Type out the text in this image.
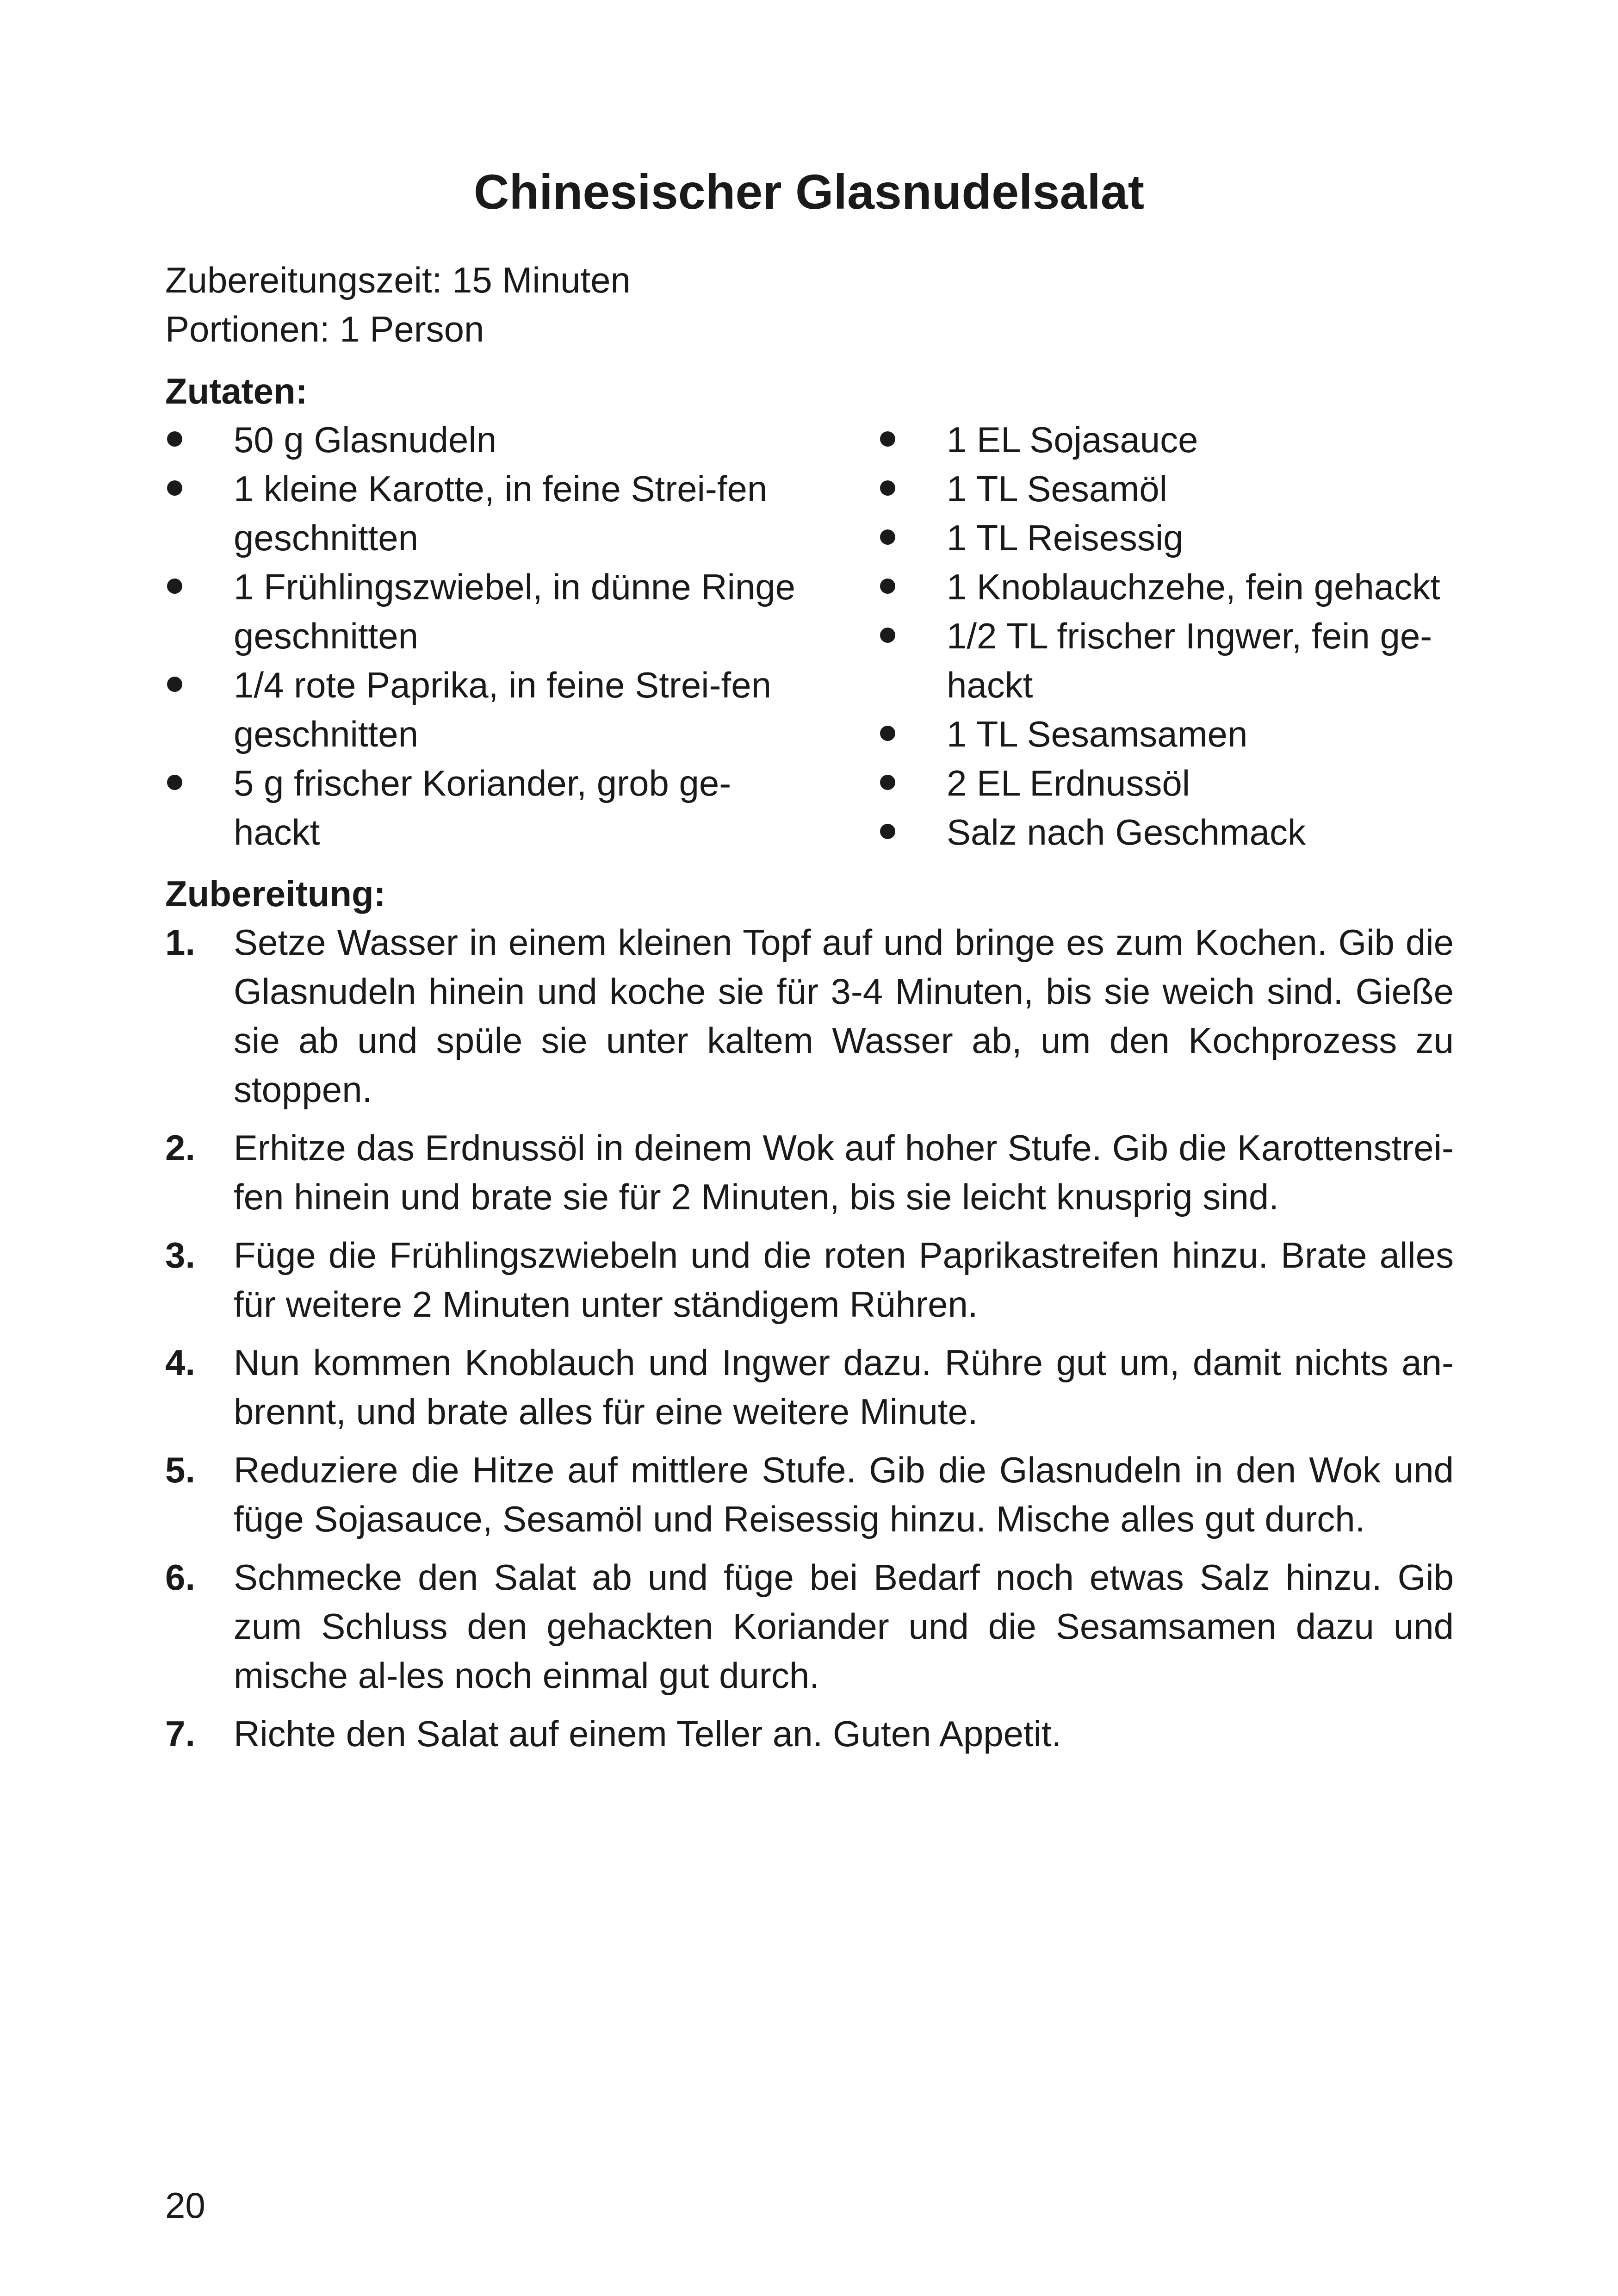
Chinesischer Glasnudelsalat
Zubereitungszeit: 15 Minuten
Portionen: 1 Person
Zutaten:
50 g Glasnudeln
1 kleine Karotte, in feine Strei-fen geschnitten
1 Frühlingszwiebel, in dünne Ringe geschnitten
1/4 rote Paprika, in feine Strei-fen geschnitten
5 g frischer Koriander, grob ge-hackt
1 EL Sojasauce
1 TL Sesamöl
1 TL Reisessig
1 Knoblauchzehe, fein gehackt
1/2 TL frischer Ingwer, fein ge-hackt
1 TL Sesamsamen
2 EL Erdnussöl
Salz nach Geschmack
Zubereitung:
1. Setze Wasser in einem kleinen Topf auf und bringe es zum Kochen. Gib die Glasnudeln hinein und koche sie für 3-4 Minuten, bis sie weich sind. Gieße sie ab und spüle sie unter kaltem Wasser ab, um den Kochprozess zu stoppen.
2. Erhitze das Erdnussöl in deinem Wok auf hoher Stufe. Gib die Karottenstrei-fen hinein und brate sie für 2 Minuten, bis sie leicht knusprig sind.
3. Füge die Frühlingszwiebeln und die roten Paprikastreifen hinzu. Brate alles für weitere 2 Minuten unter ständigem Rühren.
4. Nun kommen Knoblauch und Ingwer dazu. Rühre gut um, damit nichts an-brennt, und brate alles für eine weitere Minute.
5. Reduziere die Hitze auf mittlere Stufe. Gib die Glasnudeln in den Wok und füge Sojasauce, Sesamöl und Reisessig hinzu. Mische alles gut durch.
6. Schmecke den Salat ab und füge bei Bedarf noch etwas Salz hinzu. Gib zum Schluss den gehackten Koriander und die Sesamsamen dazu und mische al-les noch einmal gut durch.
7. Richte den Salat auf einem Teller an. Guten Appetit.
20
